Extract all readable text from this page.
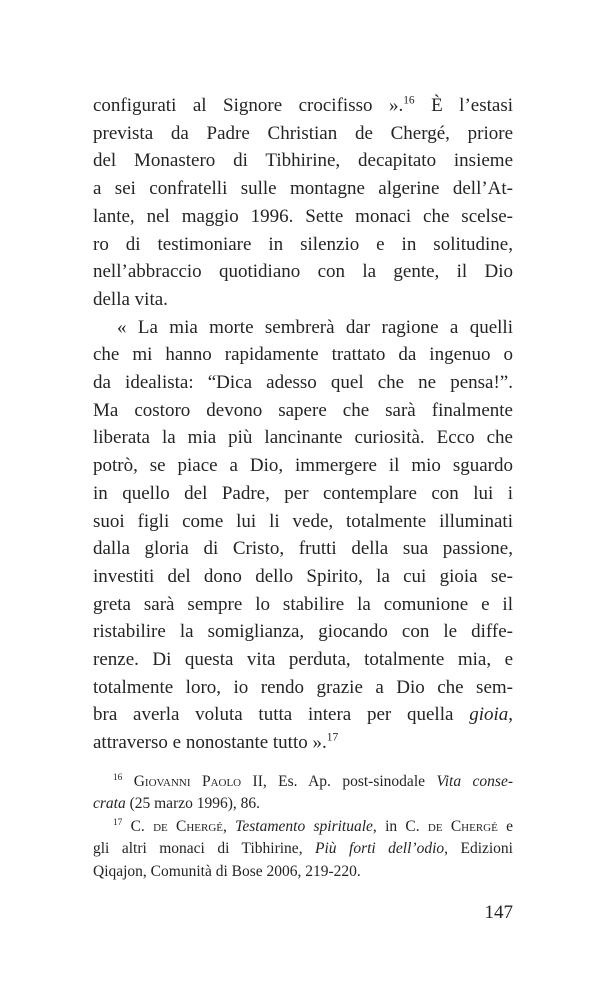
configurati al Signore crocifisso ».$^{16}$ È l’estasi
prevista da Padre Christian de Chergé, priore
del Monastero di Tibhirine, decapitato insieme
a sei confratelli sulle montagne algerine dell’At-
lante, nel maggio 1996. Sette monaci che scelse-
ro di testimoniare in silenzio e in solitudine,
nell’abbraccio quotidiano con la gente, il Dio
della vita.
« La mia morte sembrerà dar ragione a quelli
che mi hanno rapidamente trattato da ingenuo o
da idealista: “Dica adesso quel che ne pensa!”.
Ma costoro devono sapere che sarà finalmente
liberata la mia più lancinante curiosità. Ecco che
potrò, se piace a Dio, immergere il mio sguardo
in quello del Padre, per contemplare con lui i
suoi figli come lui li vede, totalmente illuminati
dalla gloria di Cristo, frutti della sua passione,
investiti del dono dello Spirito, la cui gioia se-
greta sarà sempre lo stabilire la comunione e il
ristabilire la somiglianza, giocando con le diffe-
renze. Di questa vita perduta, totalmente mia, e
totalmente loro, io rendo grazie a Dio che sem-
bra averla voluta tutta intera per quella gioia,
attraverso e nonostante tutto ».$^{17}$
$^{16}$ Giovanni Paolo II, Es. Ap. post-sinodale Vita conse-
crata (25 marzo 1996), 86.
$^{17}$ C. de Chergé, Testamento spirituale, in C. de Chergé e
gli altri monaci di Tibhirine, Più forti dell’odio, Edizioni
Qiqajon, Comunità di Bose 2006, 219-220.
147
